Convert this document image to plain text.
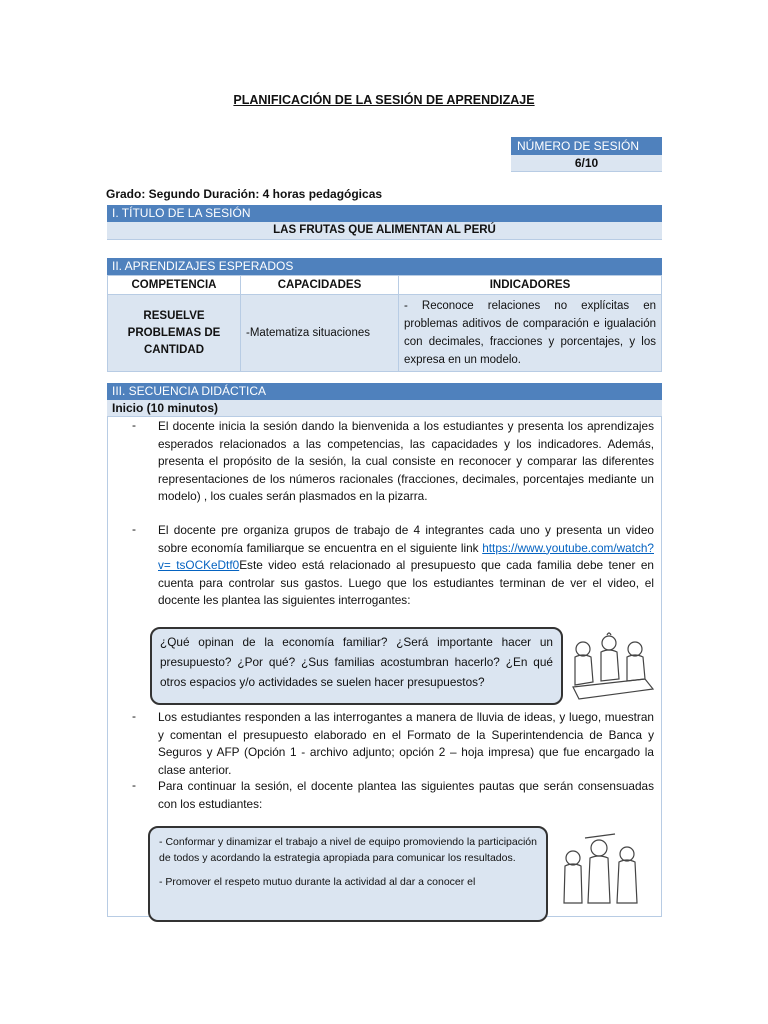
PLANIFICACIÓN DE LA SESIÓN DE APRENDIZAJE
NÚMERO DE SESIÓN
6/10
Grado: Segundo Duración: 4 horas pedagógicas
I. TÍTULO DE LA SESIÓN
LAS FRUTAS QUE ALIMENTAN AL PERÚ
II. APRENDIZAJES ESPERADOS
COMPETENCIA	CAPACIDADES	INDICADORES
RESUELVE PROBLEMAS DE CANTIDAD	-Matematiza situaciones	- Reconoce relaciones no explícitas en problemas aditivos de comparación e igualación con decimales, fracciones y porcentajes, y los expresa en un modelo.
III. SECUENCIA DIDÁCTICA
Inicio (10 minutos)
- El docente inicia la sesión dando la bienvenida a los estudiantes y presenta los aprendizajes esperados relacionados a las competencias, las capacidades y los indicadores. Además, presenta el propósito de la sesión, la cual consiste en reconocer y comparar las diferentes representaciones de los números racionales (fracciones, decimales, porcentajes mediante un modelo) , los cuales serán plasmados en la pizarra.

- El docente pre organiza grupos de trabajo de 4 integrantes cada uno y presenta un video sobre economía familiarque se encuentra en el siguiente link https://www.youtube.com/watch?v= tsOCKeDtf0Este video está relacionado al presupuesto que cada familia debe tener en cuenta para controlar sus gastos. Luego que los estudiantes terminan de ver el video, el docente les plantea las siguientes interrogantes:

¿Qué opinan de la economía familiar? ¿Será importante hacer un presupuesto? ¿Por qué? ¿Sus familias acostumbran hacerlo? ¿En qué otros espacios y/o actividades se suelen hacer presupuestos?

- Los estudiantes responden a las interrogantes a manera de lluvia de ideas, y luego, muestran y comentan el presupuesto elaborado en el Formato de la Superintendencia de Banca y Seguros y AFP (Opción 1 - archivo adjunto; opción 2 – hoja impresa) que fue encargado la clase anterior.

- Para continuar la sesión, el docente plantea las siguientes pautas que serán consensuadas con los estudiantes:

- Conformar y dinamizar el trabajo a nivel de equipo promoviendo la participación de todos y acordando la estrategia apropiada para comunicar los resultados.

- Promover el respeto mutuo durante la actividad al dar a conocer el
